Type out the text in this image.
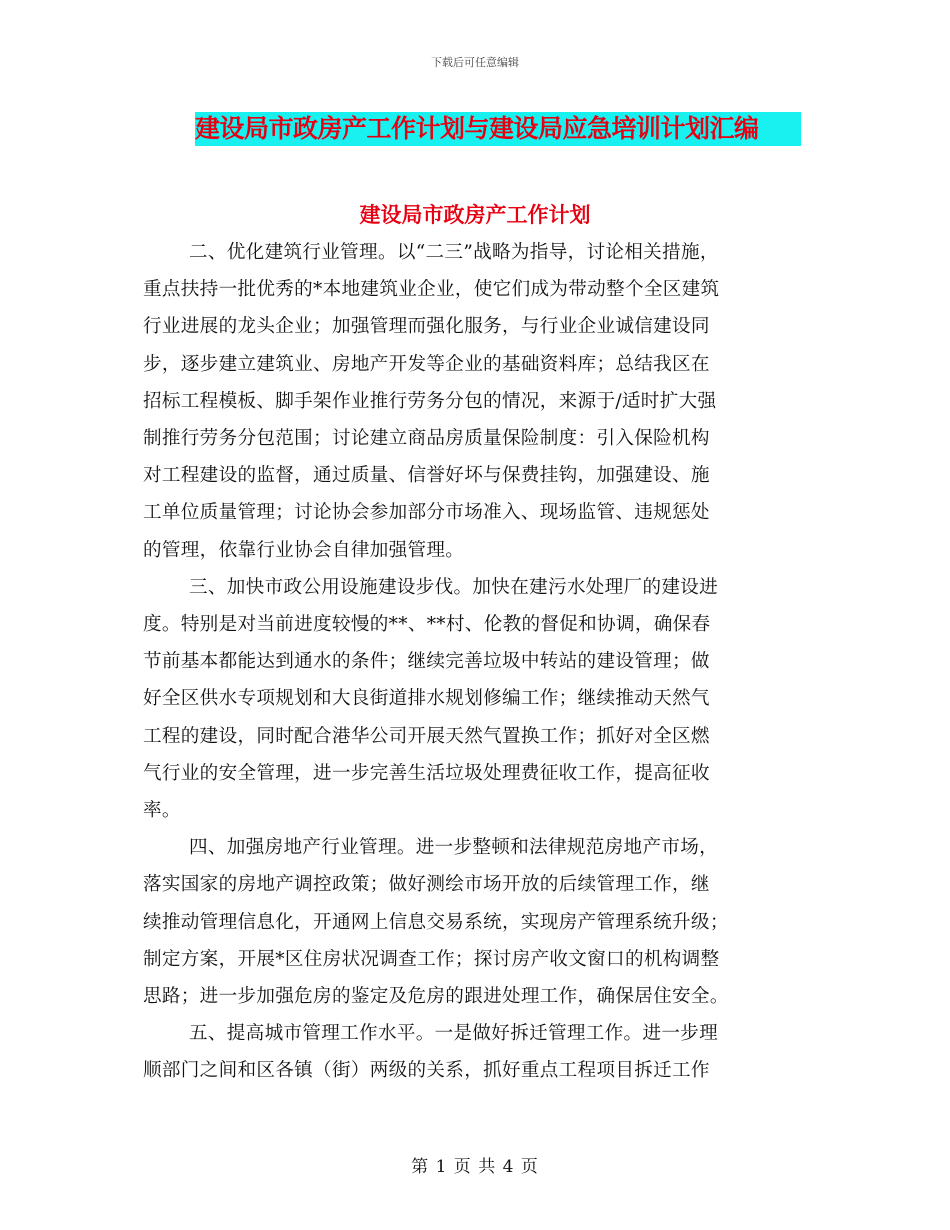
下载后可任意编辑
建设局市政房产工作计划与建设局应急培训计划汇编
建设局市政房产工作计划

二、优化建筑行业管理。以“二三”战略为指导，讨论相关措施，
重点扶持一批优秀的*本地建筑业企业，使它们成为带动整个全区建筑
行业进展的龙头企业；加强管理而强化服务，与行业企业诚信建设同
步，逐步建立建筑业、房地产开发等企业的基础资料库；总结我区在
招标工程模板、脚手架作业推行劳务分包的情况，来源于/适时扩大强
制推行劳务分包范围；讨论建立商品房质量保险制度：引入保险机构
对工程建设的监督，通过质量、信誉好坏与保费挂钩，加强建设、施
工单位质量管理；讨论协会参加部分市场准入、现场监管、违规惩处
的管理，依靠行业协会自律加强管理。

三、加快市政公用设施建设步伐。加快在建污水处理厂的建设进
度。特别是对当前进度较慢的**、**村、伦教的督促和协调，确保春
节前基本都能达到通水的条件；继续完善垃圾中转站的建设管理；做
好全区供水专项规划和大良街道排水规划修编工作；继续推动天然气
工程的建设，同时配合港华公司开展天然气置换工作；抓好对全区燃
气行业的安全管理，进一步完善生活垃圾处理费征收工作，提高征收
率。

四、加强房地产行业管理。进一步整顿和法律规范房地产市场，
落实国家的房地产调控政策；做好测绘市场开放的后续管理工作，继
续推动管理信息化，开通网上信息交易系统，实现房产管理系统升级；
制定方案，开展*区住房状况调查工作；探讨房产收文窗口的机构调整
思路；进一步加强危房的鉴定及危房的跟进处理工作，确保居住安全。

五、提高城市管理工作水平。一是做好拆迁管理工作。进一步理
顺部门之间和区各镇（街）两级的关系，抓好重点工程项目拆迁工作

第 1 页 共 4 页
